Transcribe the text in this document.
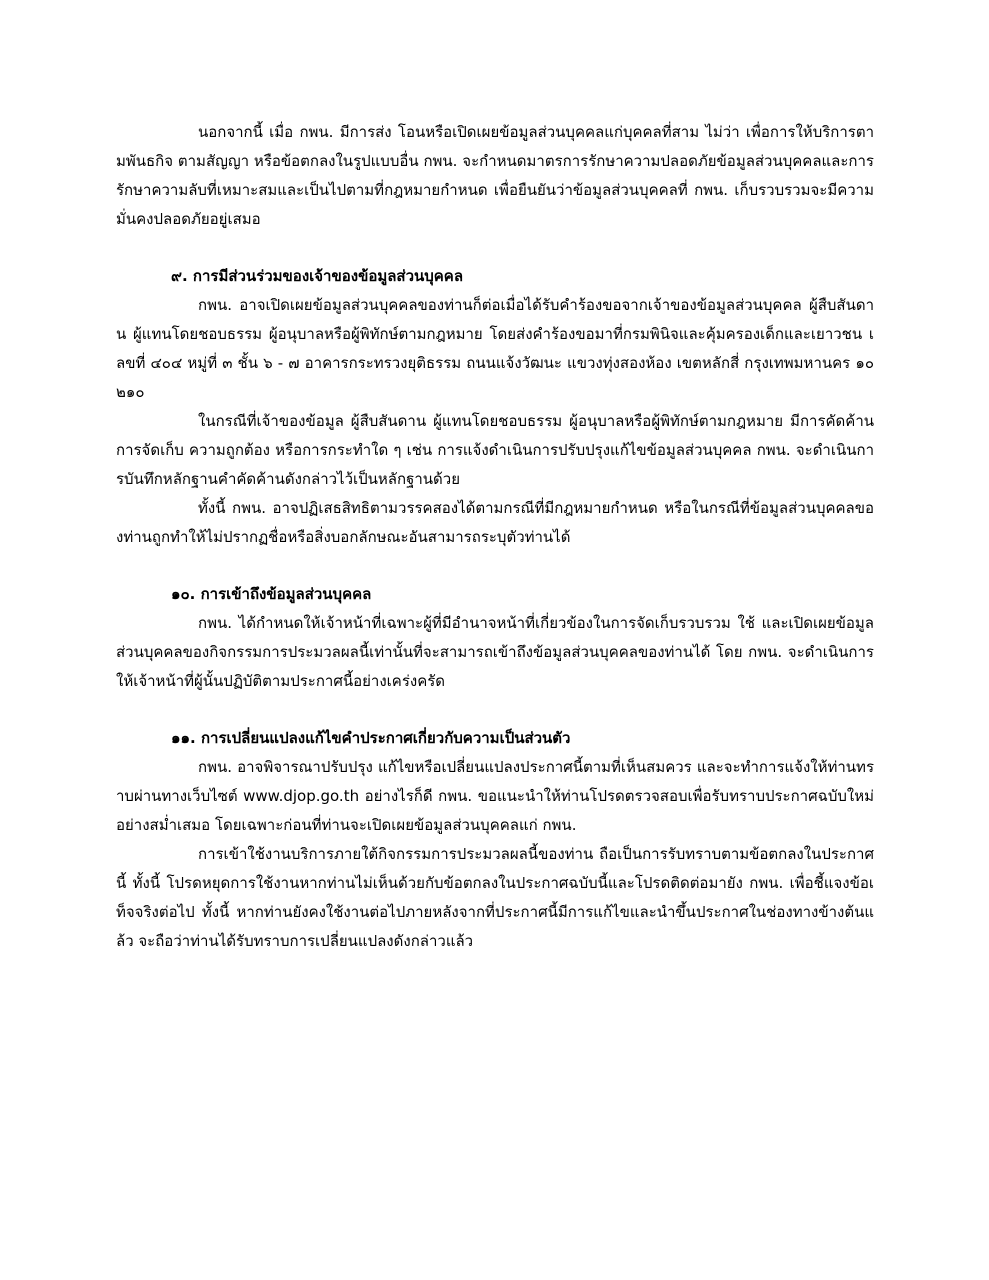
นอกจากนี้ เมื่อ กพน. มีการส่ง โอนหรือเปิดเผยข้อมูลส่วนบุคคลแก่บุคคลที่สาม ไม่ว่า เพื่อการให้บริการตามพันธกิจ ตามสัญญา หรือข้อตกลงในรูปแบบอื่น กพน. จะกำหนดมาตรการรักษาความปลอดภัยข้อมูลส่วนบุคคลและการรักษาความลับที่เหมาะสมและเป็นไปตามที่กฎหมายกำหนด เพื่อยืนยันว่าข้อมูลส่วนบุคคลที่ กพน. เก็บรวบรวมจะมีความมั่นคงปลอดภัยอยู่เสมอ

๙. การมีส่วนร่วมของเจ้าของข้อมูลส่วนบุคคล

กพน. อาจเปิดเผยข้อมูลส่วนบุคคลของท่านก็ต่อเมื่อได้รับคำร้องขอจากเจ้าของข้อมูลส่วนบุคคล ผู้สืบสันดาน ผู้แทนโดยชอบธรรม ผู้อนุบาลหรือผู้พิทักษ์ตามกฎหมาย โดยส่งคำร้องขอมาที่กรมพินิจและคุ้มครองเด็กและเยาวชน เลขที่ ๔๐๔ หมู่ที่ ๓ ชั้น ๖ - ๗ อาคารกระทรวงยุติธรรม ถนนแจ้งวัฒนะ แขวงทุ่งสองห้อง เขตหลักสี่ กรุงเทพมหานคร ๑๐๒๑๐

ในกรณีที่เจ้าของข้อมูล ผู้สืบสันดาน ผู้แทนโดยชอบธรรม ผู้อนุบาลหรือผู้พิทักษ์ตามกฎหมาย มีการคัดค้านการจัดเก็บ ความถูกต้อง หรือการกระทำใด ๆ เช่น การแจ้งดำเนินการปรับปรุงแก้ไขข้อมูลส่วนบุคคล กพน. จะดำเนินการบันทึกหลักฐานคำคัดค้านดังกล่าวไว้เป็นหลักฐานด้วย

ทั้งนี้ กพน. อาจปฏิเสธสิทธิตามวรรคสองได้ตามกรณีที่มีกฎหมายกำหนด หรือในกรณีที่ข้อมูลส่วนบุคคลของท่านถูกทำให้ไม่ปรากฏชื่อหรือสิ่งบอกลักษณะอันสามารถระบุตัวท่านได้

๑๐. การเข้าถึงข้อมูลส่วนบุคคล

กพน. ได้กำหนดให้เจ้าหน้าที่เฉพาะผู้ที่มีอำนาจหน้าที่เกี่ยวข้องในการจัดเก็บรวบรวม ใช้ และเปิดเผยข้อมูลส่วนบุคคลของกิจกรรมการประมวลผลนี้เท่านั้นที่จะสามารถเข้าถึงข้อมูลส่วนบุคคลของท่านได้ โดย กพน. จะดำเนินการให้เจ้าหน้าที่ผู้นั้นปฏิบัติตามประกาศนี้อย่างเคร่งครัด

๑๑. การเปลี่ยนแปลงแก้ไขคำประกาศเกี่ยวกับความเป็นส่วนตัว

กพน. อาจพิจารณาปรับปรุง แก้ไขหรือเปลี่ยนแปลงประกาศนี้ตามที่เห็นสมควร และจะทำการแจ้งให้ท่านทราบผ่านทางเว็บไซต์ www.djop.go.th อย่างไรก็ดี กพน. ขอแนะนำให้ท่านโปรดตรวจสอบเพื่อรับทราบประกาศฉบับใหม่อย่างสม่ำเสมอ โดยเฉพาะก่อนที่ท่านจะเปิดเผยข้อมูลส่วนบุคคลแก่ กพน.

การเข้าใช้งานบริการภายใต้กิจกรรมการประมวลผลนี้ของท่าน ถือเป็นการรับทราบตามข้อตกลงในประกาศนี้ ทั้งนี้ โปรดหยุดการใช้งานหากท่านไม่เห็นด้วยกับข้อตกลงในประกาศฉบับนี้และโปรดติดต่อมายัง กพน. เพื่อชี้แจงข้อเท็จจริงต่อไป ทั้งนี้ หากท่านยังคงใช้งานต่อไปภายหลังจากที่ประกาศนี้มีการแก้ไขและนำขึ้นประกาศในช่องทางข้างต้นแล้ว จะถือว่าท่านได้รับทราบการเปลี่ยนแปลงดังกล่าวแล้ว
